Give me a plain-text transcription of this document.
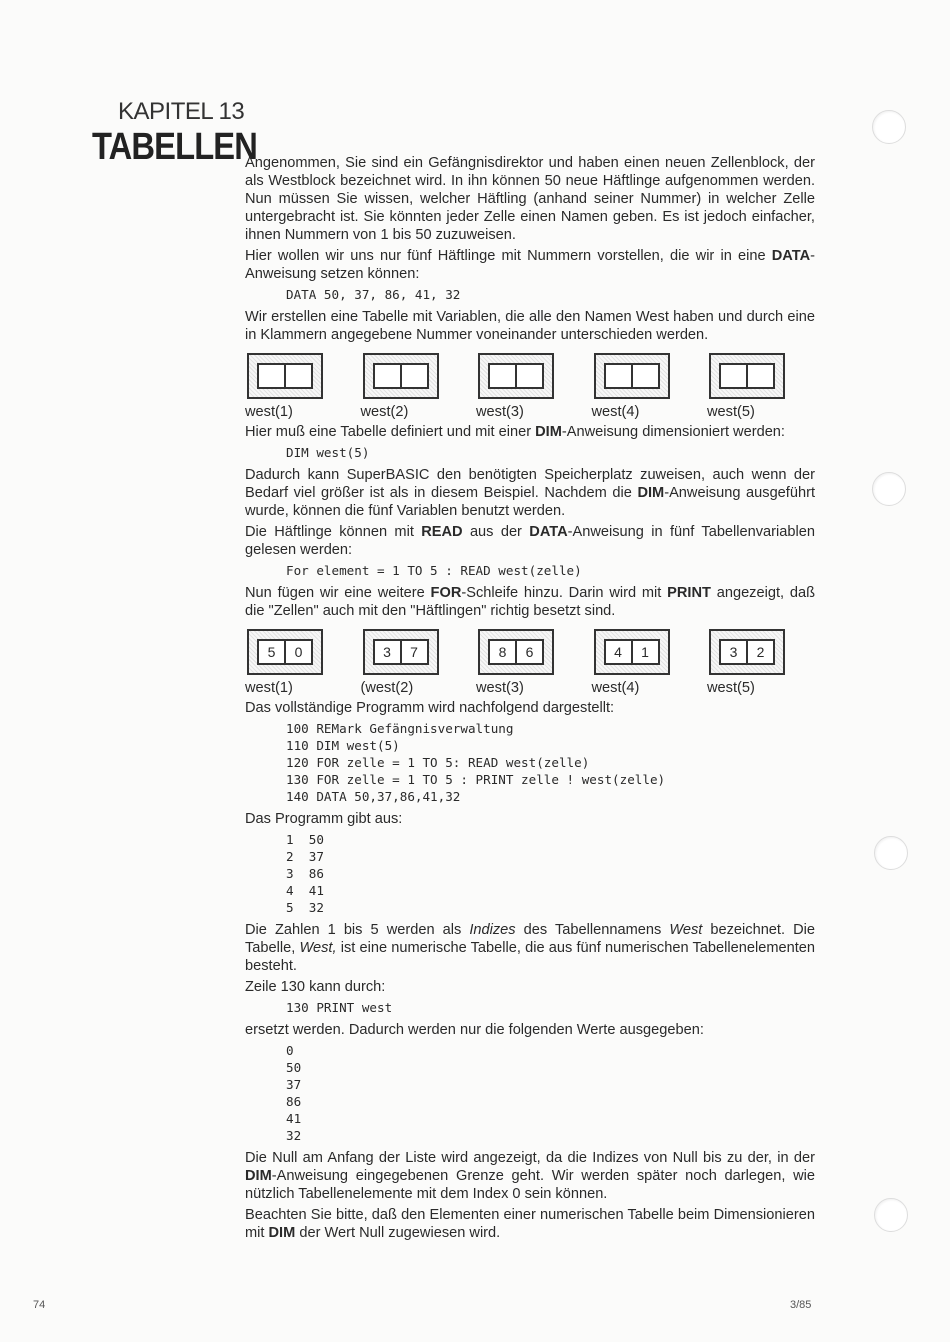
KAPITEL 13
TABELLEN

Angenommen, Sie sind ein Gefängnisdirektor und haben einen neuen Zellenblock, der als Westblock bezeichnet wird. In ihn können 50 neue Häftlinge aufgenommen werden. Nun müssen Sie wissen, welcher Häftling (anhand seiner Nummer) in welcher Zelle untergebracht ist. Sie könnten jeder Zelle einen Namen geben. Es ist jedoch einfacher, ihnen Nummern von 1 bis 50 zuzuweisen.

Hier wollen wir uns nur fünf Häftlinge mit Nummern vorstellen, die wir in eine DATA-Anweisung setzen können:

DATA 50, 37, 86, 41, 32

Wir erstellen eine Tabelle mit Variablen, die alle den Namen West haben und durch eine in Klammern angegebene Nummer voneinander unterschieden werden.

west(1)	west(2)	west(3)	west(4)	west(5)

Hier muß eine Tabelle definiert und mit einer DIM-Anweisung dimensioniert werden:

DIM west(5)

Dadurch kann SuperBASIC den benötigten Speicherplatz zuweisen, auch wenn der Bedarf viel größer ist als in diesem Beispiel. Nachdem die DIM-Anweisung ausgeführt wurde, können die fünf Variablen benutzt werden.

Die Häftlinge können mit READ aus der DATA-Anweisung in fünf Tabellenvariablen gelesen werden:

For element = 1 TO 5 : READ west(zelle)

Nun fügen wir eine weitere FOR-Schleife hinzu. Darin wird mit PRINT angezeigt, daß die "Zellen" auch mit den "Häftlingen" richtig besetzt sind.

5	0
west(1)
3	7
(west(2)
8	6
west(3)
4	1
west(4)
3	2
west(5)

Das vollständige Programm wird nachfolgend dargestellt:

100 REMark Gefängnisverwaltung
110 DIM west(5)
120 FOR zelle = 1 TO 5: READ west(zelle)
130 FOR zelle = 1 TO 5 : PRINT zelle ! west(zelle)
140 DATA 50,37,86,41,32

Das Programm gibt aus:

1  50
2  37
3  86
4  41
5  32

Die Zahlen 1 bis 5 werden als Indizes des Tabellennamens West bezeichnet. Die Tabelle, West, ist eine numerische Tabelle, die aus fünf numerischen Tabellenelementen besteht.

Zeile 130 kann durch:

130 PRINT west

ersetzt werden. Dadurch werden nur die folgenden Werte ausgegeben:

0
50
37
86
41
32

Die Null am Anfang der Liste wird angezeigt, da die Indizes von Null bis zu der, in der DIM-Anweisung eingegebenen Grenze geht. Wir werden später noch darlegen, wie nützlich Tabellenelemente mit dem Index 0 sein können.

Beachten Sie bitte, daß den Elementen einer numerischen Tabelle beim Dimensionieren mit DIM der Wert Null zugewiesen wird.

74	3/85
